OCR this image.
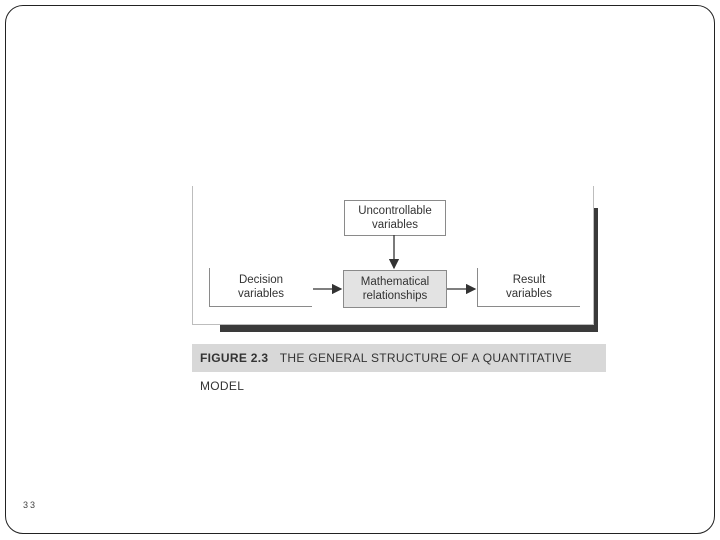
Uncontrollable
variables
Decision
variables
Mathematical
relationships
Result
variables
FIGURE 2.3 THE GENERAL STRUCTURE OF A QUANTITATIVE MODEL
33
